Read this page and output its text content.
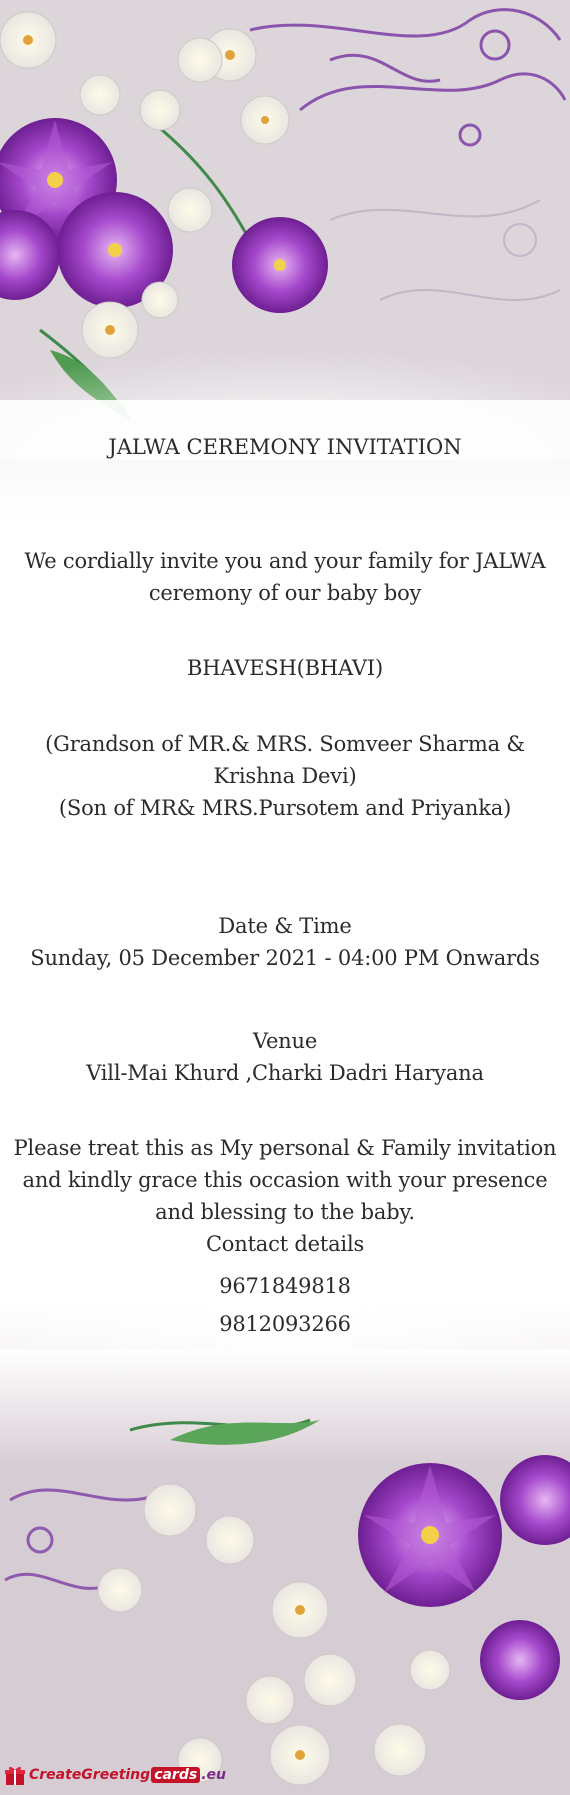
JALWA CEREMONY INVITATION
We cordially invite you and your family for JALWA
ceremony of our baby boy
BHAVESH(BHAVI)
(Grandson of MR.& MRS. Somveer Sharma &
Krishna Devi)
(Son of MR& MRS.Pursotem and Priyanka)
Date & Time
Sunday, 05 December 2021 - 04:00 PM Onwards
Venue
Vill-Mai Khurd ,Charki Dadri Haryana
Please treat this as My personal & Family invitation
and kindly grace this occasion with your presence
and blessing to the baby.
Contact details
9671849818
9812093266
CreateGreeting cards .eu
